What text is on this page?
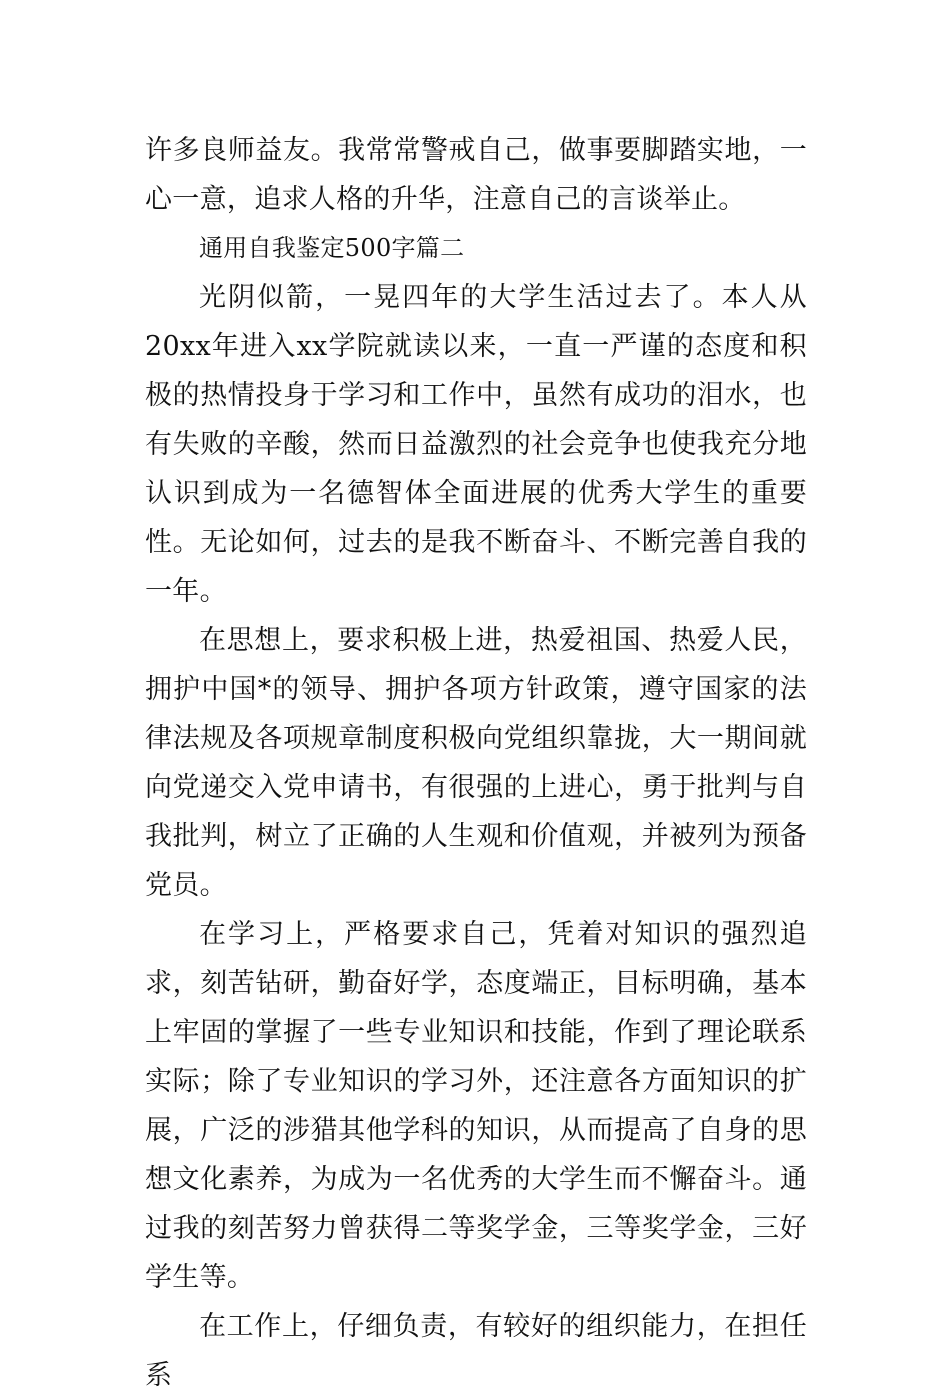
许多良师益友。我常常警戒自己，做事要脚踏实地，一心一意，追求人格的升华，注意自己的言谈举止。

通用自我鉴定500字篇二

光阴似箭，一晃四年的大学生活过去了。本人从20xx年进入xx学院就读以来，一直一严谨的态度和积极的热情投身于学习和工作中，虽然有成功的泪水，也有失败的辛酸，然而日益激烈的社会竞争也使我充分地认识到成为一名德智体全面进展的优秀大学生的重要性。无论如何，过去的是我不断奋斗、不断完善自我的一年。

在思想上，要求积极上进，热爱祖国、热爱人民，拥护中国*的领导、拥护各项方针政策，遵守国家的法律法规及各项规章制度积极向党组织靠拢，大一期间就向党递交入党申请书，有很强的上进心，勇于批判与自我批判，树立了正确的人生观和价值观，并被列为预备党员。

在学习上，严格要求自己，凭着对知识的强烈追求，刻苦钻研，勤奋好学，态度端正，目标明确，基本上牢固的掌握了一些专业知识和技能，作到了理论联系实际；除了专业知识的学习外，还注意各方面知识的扩展，广泛的涉猎其他学科的知识，从而提高了自身的思想文化素养，为成为一名优秀的大学生而不懈奋斗。通过我的刻苦努力曾获得二等奖学金，三等奖学金，三好学生等。

在工作上，仔细负责，有较好的组织能力，在担任系
